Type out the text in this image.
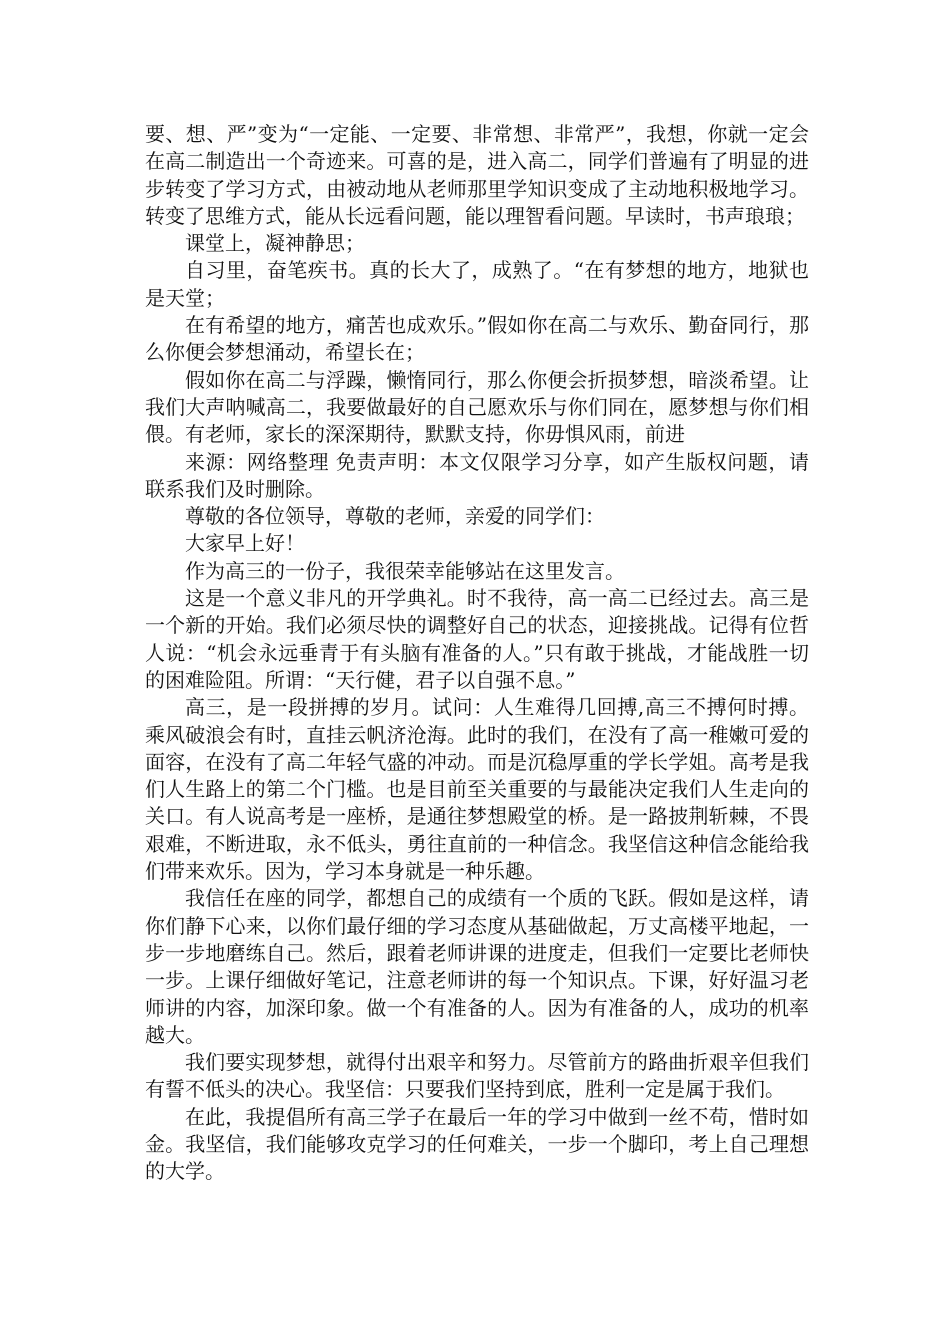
要、想、严”变为“一定能、一定要、非常想、非常严”，我想，你就一定会在高二制造出一个奇迹来。可喜的是，进入高二，同学们普遍有了明显的进步转变了学习方式，由被动地从老师那里学知识变成了主动地积极地学习。转变了思维方式，能从长远看问题，能以理智看问题。早读时，书声琅琅；

课堂上，凝神静思；

自习里，奋笔疾书。真的长大了，成熟了。“在有梦想的地方，地狱也是天堂；

在有希望的地方，痛苦也成欢乐。”假如你在高二与欢乐、勤奋同行，那么你便会梦想涌动，希望长在；

假如你在高二与浮躁，懒惰同行，那么你便会折损梦想，暗淡希望。让我们大声呐喊高二，我要做最好的自己愿欢乐与你们同在，愿梦想与你们相偎。有老师，家长的深深期待，默默支持，你毋惧风雨，前进

来源：网络整理 免责声明：本文仅限学习分享，如产生版权问题，请联系我们及时删除。

尊敬的各位领导，尊敬的老师，亲爱的同学们：

大家早上好！

作为高三的一份子，我很荣幸能够站在这里发言。

这是一个意义非凡的开学典礼。时不我待，高一高二已经过去。高三是一个新的开始。我们必须尽快的调整好自己的状态，迎接挑战。记得有位哲人说：“机会永远垂青于有头脑有准备的人。”只有敢于挑战，才能战胜一切的困难险阻。所谓：“天行健，君子以自强不息。”

高三，是一段拼搏的岁月。试问：人生难得几回搏,高三不搏何时搏。乘风破浪会有时，直挂云帆济沧海。此时的我们，在没有了高一稚嫩可爱的面容，在没有了高二年轻气盛的冲动。而是沉稳厚重的学长学姐。高考是我们人生路上的第二个门槛。也是目前至关重要的与最能决定我们人生走向的关口。有人说高考是一座桥，是通往梦想殿堂的桥。是一路披荆斩棘，不畏艰难，不断进取，永不低头，勇往直前的一种信念。我坚信这种信念能给我们带来欢乐。因为，学习本身就是一种乐趣。

我信任在座的同学，都想自己的成绩有一个质的飞跃。假如是这样，请你们静下心来，以你们最仔细的学习态度从基础做起，万丈高楼平地起，一步一步地磨练自己。然后，跟着老师讲课的进度走，但我们一定要比老师快一步。上课仔细做好笔记，注意老师讲的每一个知识点。下课，好好温习老师讲的内容，加深印象。做一个有准备的人。因为有准备的人，成功的机率越大。

我们要实现梦想，就得付出艰辛和努力。尽管前方的路曲折艰辛但我们有誓不低头的决心。我坚信：只要我们坚持到底，胜利一定是属于我们。

在此，我提倡所有高三学子在最后一年的学习中做到一丝不苟，惜时如金。我坚信，我们能够攻克学习的任何难关，一步一个脚印，考上自己理想的大学。
